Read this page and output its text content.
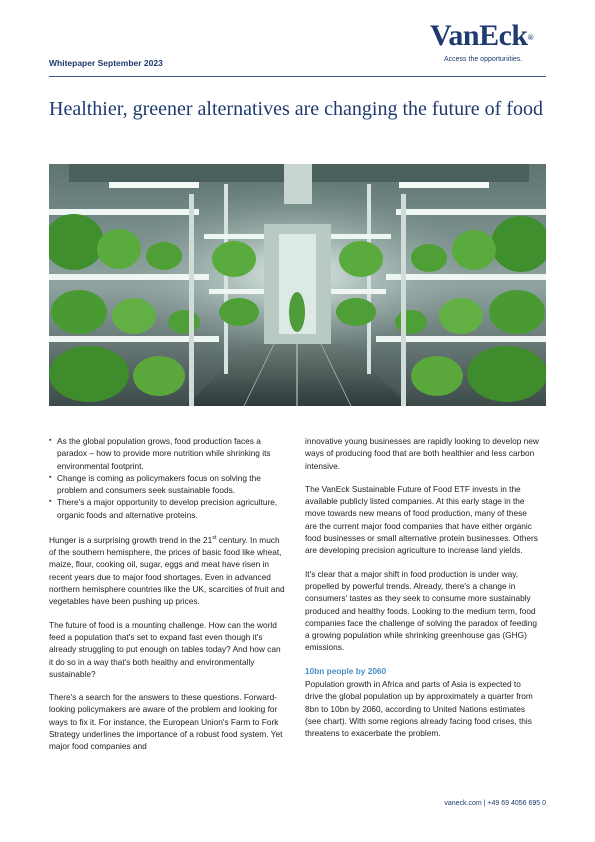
Whitepaper September 2023
VanEck®
Access the opportunities.
Healthier, greener alternatives are changing the future of food
▪ As the global population grows, food production faces a paradox – how to provide more nutrition while shrinking its environmental footprint.
▪ Change is coming as policymakers focus on solving the problem and consumers seek sustainable foods.
▪ There's a major opportunity to develop precision agriculture, organic foods and alternative proteins.

Hunger is a surprising growth trend in the 21st century. In much of the southern hemisphere, the prices of basic food like wheat, maize, flour, cooking oil, sugar, eggs and meat have risen in recent years due to major food shortages. Even in advanced northern hemisphere countries like the UK, scarcities of fruit and vegetables have been pushing up prices.

The future of food is a mounting challenge. How can the world feed a population that's set to expand fast even though it's already struggling to put enough on tables today? And how can it do so in a way that's both healthy and environmentally sustainable?

There's a search for the answers to these questions. Forward-looking policymakers are aware of the problem and looking for ways to fix it. For instance, the European Union's Farm to Fork Strategy underlines the importance of a robust food system. Yet major food companies and

innovative young businesses are rapidly looking to develop new ways of producing food that are both healthier and less carbon intensive.

The VanEck Sustainable Future of Food ETF invests in the available publicly listed companies. At this early stage in the move towards new means of food production, many of these are the current major food companies that have either organic food businesses or small alternative protein businesses. Others are developing precision agriculture to increase land yields.

It's clear that a major shift in food production is under way, propelled by powerful trends. Already, there's a change in consumers' tastes as they seek to consume more sustainably produced and healthy foods. Looking to the medium term, food companies face the challenge of solving the paradox of feeding a growing population while shrinking greenhouse gas (GHG) emissions.

10bn people by 2060

Population growth in Africa and parts of Asia is expected to drive the global population up by approximately a quarter from 8bn to 10bn by 2060, according to United Nations estimates (see chart). With some regions already facing food crises, this threatens to exacerbate the problem.

vaneck.com | +49 69 4056 695 0
